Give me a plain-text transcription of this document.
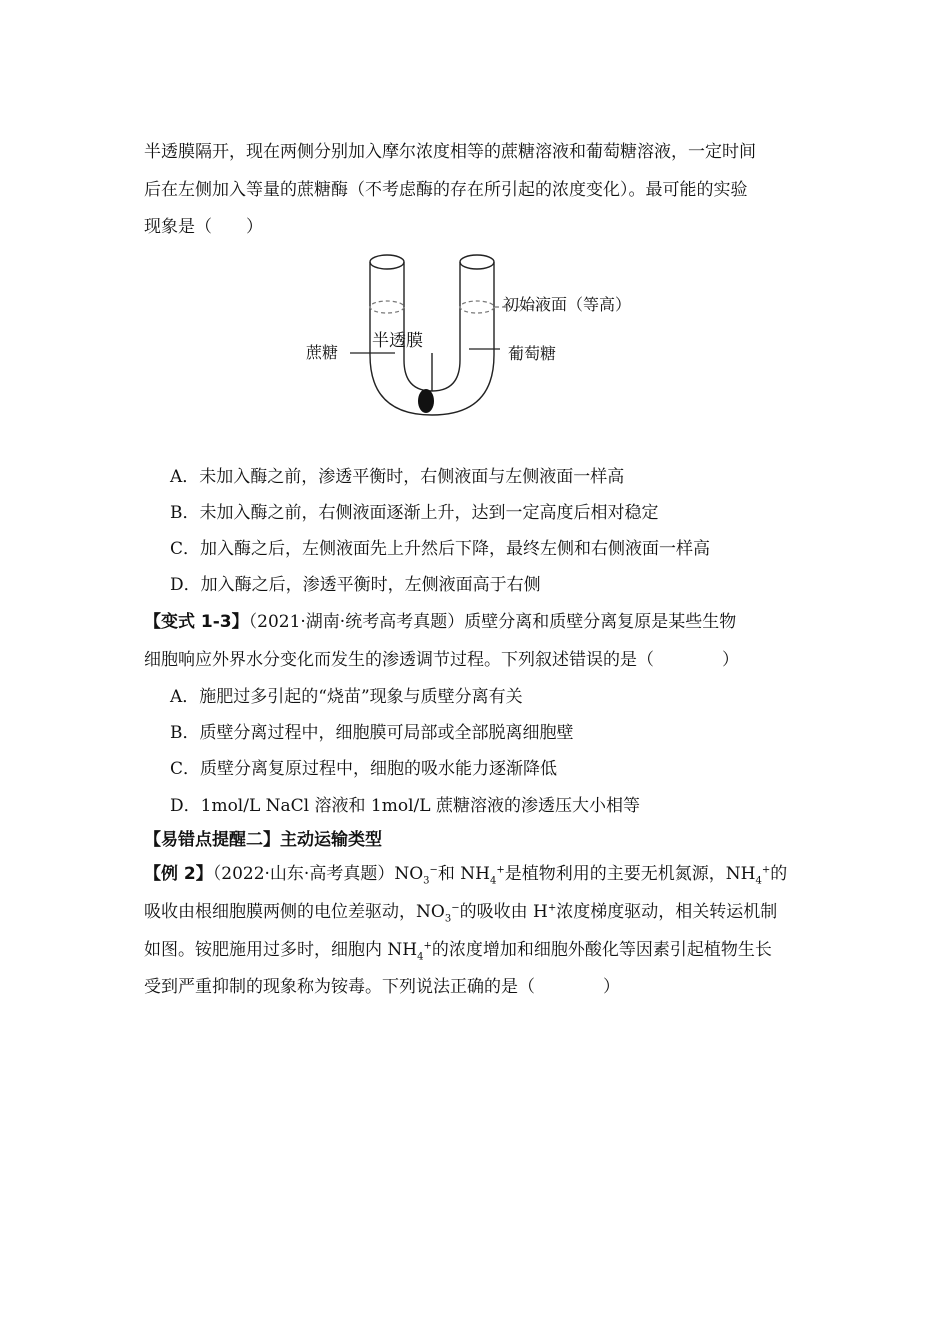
半透膜隔开，现在两侧分别加入摩尔浓度相等的蔗糖溶液和葡萄糖溶液，一定时间
后在左侧加入等量的蔗糖酶（不考虑酶的存在所引起的浓度变化）。最可能的实验
现象是（　　）
初始液面（等高）
半透膜
蔗糖	葡萄糖
A．未加入酶之前，渗透平衡时，右侧液面与左侧液面一样高
B．未加入酶之前，右侧液面逐渐上升，达到一定高度后相对稳定
C．加入酶之后，左侧液面先上升然后下降，最终左侧和右侧液面一样高
D．加入酶之后，渗透平衡时，左侧液面高于右侧
【变式 1-3】（2021·湖南·统考高考真题）质壁分离和质壁分离复原是某些生物
细胞响应外界水分变化而发生的渗透调节过程。下列叙述错误的是（　　　　）
A．施肥过多引起的“烧苗”现象与质壁分离有关
B．质壁分离过程中，细胞膜可局部或全部脱离细胞壁
C．质壁分离复原过程中，细胞的吸水能力逐渐降低
D．1mol/L NaCl 溶液和 1mol/L 蔗糖溶液的渗透压大小相等
【易错点提醒二】主动运输类型
【例 2】（2022·山东·高考真题）$NO_3^-$和 $NH_4^+$是植物利用的主要无机氮源，$NH_4^+$的
吸收由根细胞膜两侧的电位差驱动，$NO_3^-$的吸收由 H+浓度梯度驱动，相关转运机制
如图。铵肥施用过多时，细胞内 $NH_4^+$的浓度增加和细胞外酸化等因素引起植物生长
受到严重抑制的现象称为铵毒。下列说法正确的是（　　　　）
